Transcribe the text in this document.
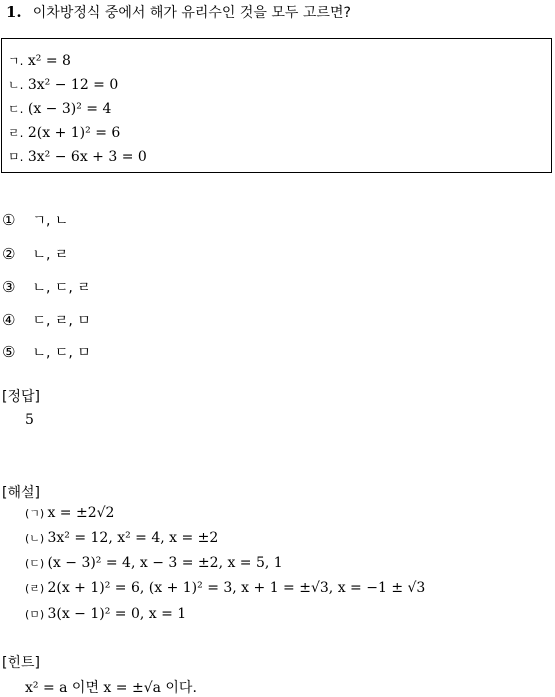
1. 이차방정식 중에서 해가 유리수인 것을 모두 고르면?
ㄱ. x² = 8
ㄴ. 3x² − 12 = 0
ㄷ. (x − 3)² = 4
ㄹ. 2(x + 1)² = 6
ㅁ. 3x² − 6x + 3 = 0
① ㄱ, ㄴ
② ㄴ, ㄹ
③ ㄴ, ㄷ, ㄹ
④ ㄷ, ㄹ, ㅁ
⑤ ㄴ, ㄷ, ㅁ
[정답]
5
[해설]
(ㄱ) x = ±2√2
(ㄴ) 3x² = 12, x² = 4, x = ±2
(ㄷ) (x − 3)² = 4, x − 3 = ±2, x = 5, 1
(ㄹ) 2(x + 1)² = 6, (x + 1)² = 3, x + 1 = ±√3, x = −1 ± √3
(ㅁ) 3(x − 1)² = 0, x = 1
[힌트]
x² = a 이면 x = ±√a 이다.
